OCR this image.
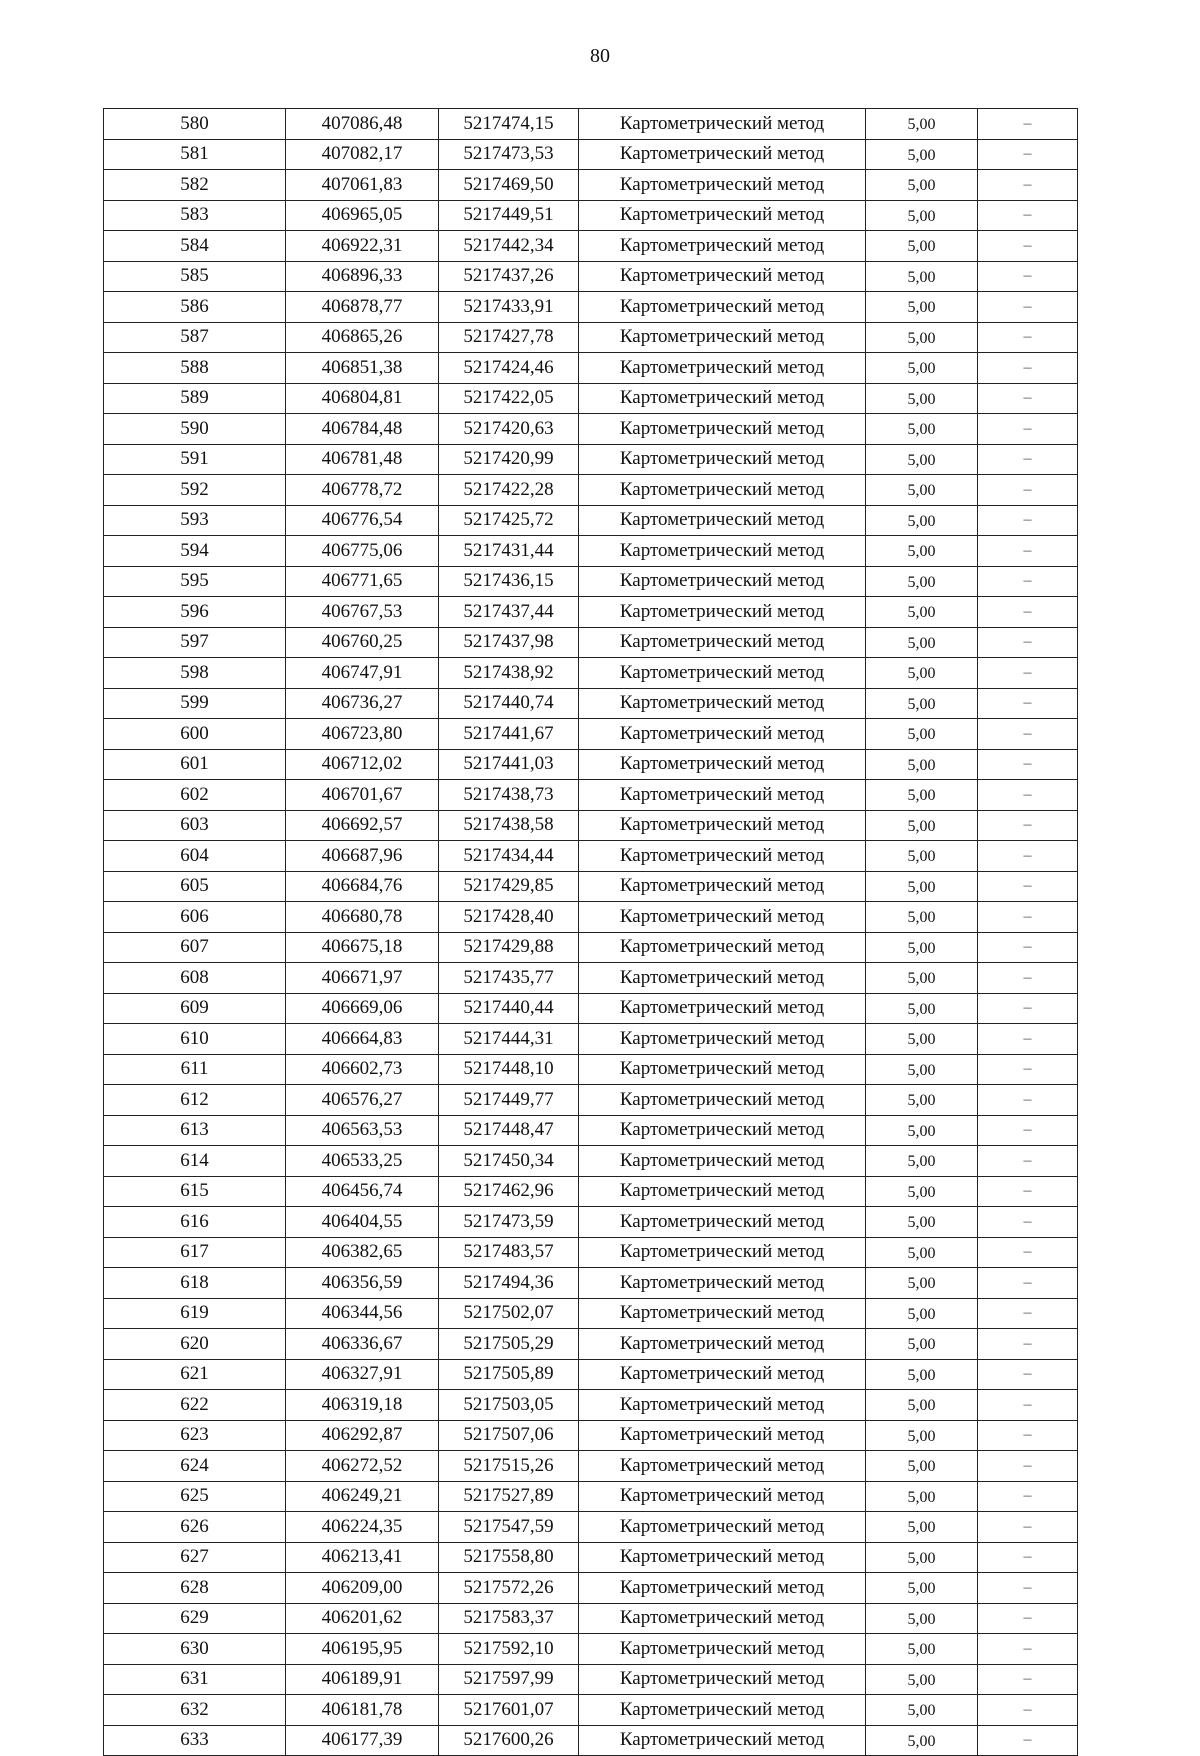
80
580	407086,48	5217474,15	Картометрический метод	5,00	–
581	407082,17	5217473,53	Картометрический метод	5,00	–
582	407061,83	5217469,50	Картометрический метод	5,00	–
583	406965,05	5217449,51	Картометрический метод	5,00	–
584	406922,31	5217442,34	Картометрический метод	5,00	–
585	406896,33	5217437,26	Картометрический метод	5,00	–
586	406878,77	5217433,91	Картометрический метод	5,00	–
587	406865,26	5217427,78	Картометрический метод	5,00	–
588	406851,38	5217424,46	Картометрический метод	5,00	–
589	406804,81	5217422,05	Картометрический метод	5,00	–
590	406784,48	5217420,63	Картометрический метод	5,00	–
591	406781,48	5217420,99	Картометрический метод	5,00	–
592	406778,72	5217422,28	Картометрический метод	5,00	–
593	406776,54	5217425,72	Картометрический метод	5,00	–
594	406775,06	5217431,44	Картометрический метод	5,00	–
595	406771,65	5217436,15	Картометрический метод	5,00	–
596	406767,53	5217437,44	Картометрический метод	5,00	–
597	406760,25	5217437,98	Картометрический метод	5,00	–
598	406747,91	5217438,92	Картометрический метод	5,00	–
599	406736,27	5217440,74	Картометрический метод	5,00	–
600	406723,80	5217441,67	Картометрический метод	5,00	–
601	406712,02	5217441,03	Картометрический метод	5,00	–
602	406701,67	5217438,73	Картометрический метод	5,00	–
603	406692,57	5217438,58	Картометрический метод	5,00	–
604	406687,96	5217434,44	Картометрический метод	5,00	–
605	406684,76	5217429,85	Картометрический метод	5,00	–
606	406680,78	5217428,40	Картометрический метод	5,00	–
607	406675,18	5217429,88	Картометрический метод	5,00	–
608	406671,97	5217435,77	Картометрический метод	5,00	–
609	406669,06	5217440,44	Картометрический метод	5,00	–
610	406664,83	5217444,31	Картометрический метод	5,00	–
611	406602,73	5217448,10	Картометрический метод	5,00	–
612	406576,27	5217449,77	Картометрический метод	5,00	–
613	406563,53	5217448,47	Картометрический метод	5,00	–
614	406533,25	5217450,34	Картометрический метод	5,00	–
615	406456,74	5217462,96	Картометрический метод	5,00	–
616	406404,55	5217473,59	Картометрический метод	5,00	–
617	406382,65	5217483,57	Картометрический метод	5,00	–
618	406356,59	5217494,36	Картометрический метод	5,00	–
619	406344,56	5217502,07	Картометрический метод	5,00	–
620	406336,67	5217505,29	Картометрический метод	5,00	–
621	406327,91	5217505,89	Картометрический метод	5,00	–
622	406319,18	5217503,05	Картометрический метод	5,00	–
623	406292,87	5217507,06	Картометрический метод	5,00	–
624	406272,52	5217515,26	Картометрический метод	5,00	–
625	406249,21	5217527,89	Картометрический метод	5,00	–
626	406224,35	5217547,59	Картометрический метод	5,00	–
627	406213,41	5217558,80	Картометрический метод	5,00	–
628	406209,00	5217572,26	Картометрический метод	5,00	–
629	406201,62	5217583,37	Картометрический метод	5,00	–
630	406195,95	5217592,10	Картометрический метод	5,00	–
631	406189,91	5217597,99	Картометрический метод	5,00	–
632	406181,78	5217601,07	Картометрический метод	5,00	–
633	406177,39	5217600,26	Картометрический метод	5,00	–
